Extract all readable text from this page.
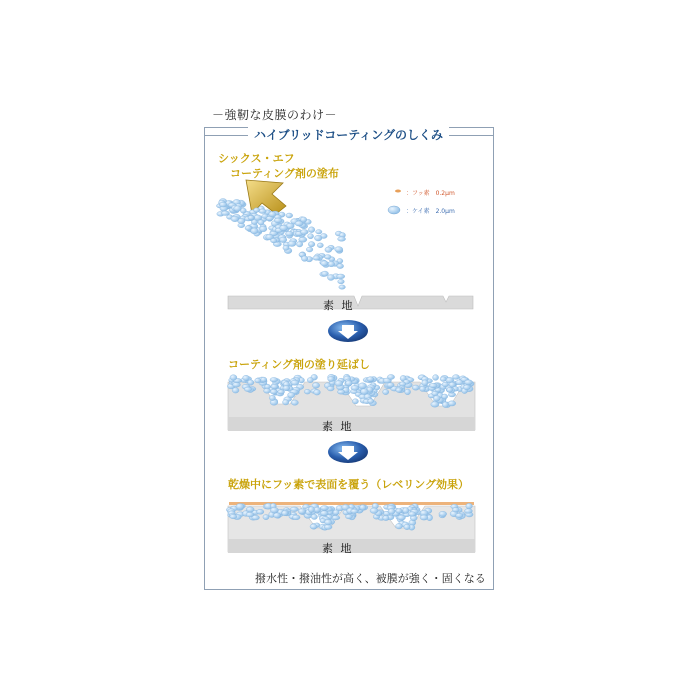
－強靭な皮膜のわけ－
ハイブリッドコーティングのしくみ
シックス・エフ
コーティング剤の塗布
コーティング剤の塗り延ばし
乾燥中にフッ素で表面を覆う（レベリング効果）
：フッ素　0.2μm
：ケイ素　2.0μm
素 地
素 地
素 地
撥水性・撥油性が高く、被膜が強く・固くなる
